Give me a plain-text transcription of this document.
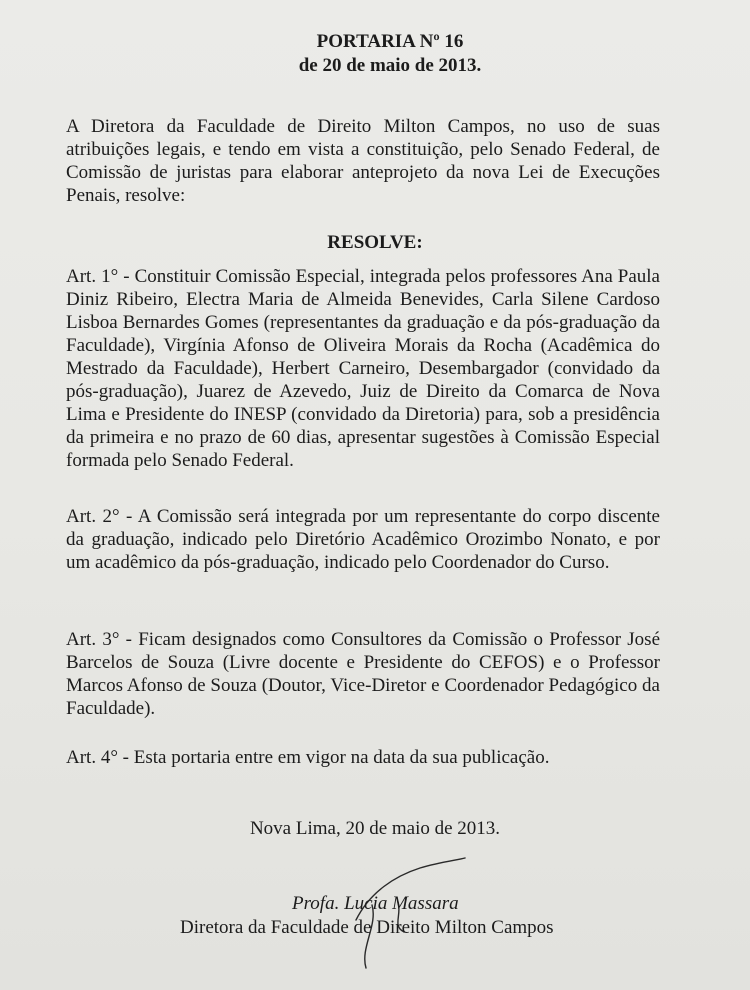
PORTARIA Nº 16
de 20 de maio de 2013.
A Diretora da Faculdade de Direito Milton Campos, no uso de suas atribuições legais, e tendo em vista a constituição, pelo Senado Federal, de Comissão de juristas para elaborar anteprojeto da nova Lei de Execuções Penais, resolve:
RESOLVE:
Art. 1° - Constituir Comissão Especial, integrada pelos professores Ana Paula Diniz Ribeiro, Electra Maria de Almeida Benevides, Carla Silene Cardoso Lisboa Bernardes Gomes (representantes da graduação e da pós-graduação da Faculdade), Virgínia Afonso de Oliveira Morais da Rocha (Acadêmica do Mestrado da Faculdade), Herbert Carneiro, Desembargador (convidado da pós-graduação), Juarez de Azevedo, Juiz de Direito da Comarca de Nova Lima e Presidente do INESP (convidado da Diretoria) para, sob a presidência da primeira e no prazo de 60 dias, apresentar sugestões à Comissão Especial formada pelo Senado Federal.
Art. 2° - A Comissão será integrada por um representante do corpo discente da graduação, indicado pelo Diretório Acadêmico Orozimbo Nonato, e por um acadêmico da pós-graduação, indicado pelo Coordenador do Curso.
Art. 3° - Ficam designados como Consultores da Comissão o Professor José Barcelos de Souza (Livre docente e Presidente do CEFOS) e o Professor Marcos Afonso de Souza (Doutor, Vice-Diretor e Coordenador Pedagógico da Faculdade).
Art. 4° - Esta portaria entre em vigor na data da sua publicação.
Nova Lima, 20 de maio de 2013.
Profa. Lucia Massara
Diretora da Faculdade de Direito Milton Campos
